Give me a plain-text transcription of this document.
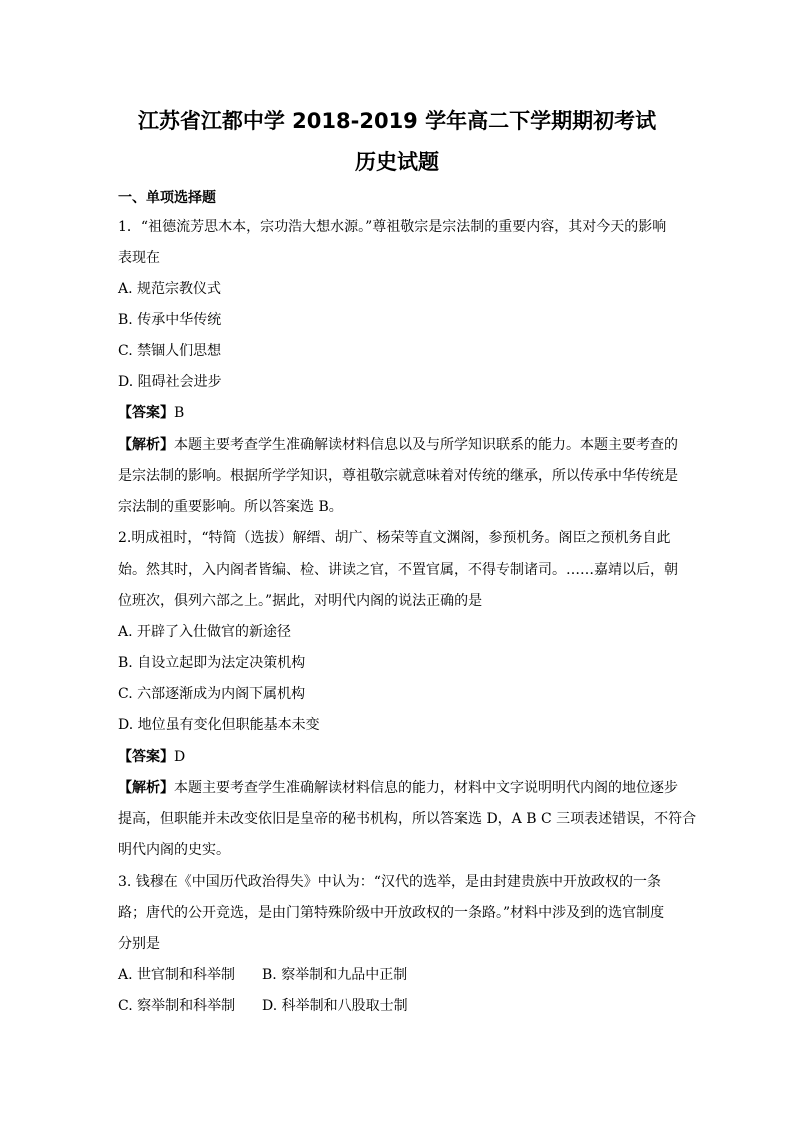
江苏省江都中学 2018-2019 学年高二下学期期初考试
历史试题
一、单项选择题
1．“祖德流芳思木本，宗功浩大想水源。”尊祖敬宗是宗法制的重要内容，其对今天的影响
表现在
A. 规范宗教仪式
B. 传承中华传统
C. 禁锢人们思想
D. 阻碍社会进步
【答案】B
【解析】本题主要考查学生准确解读材料信息以及与所学知识联系的能力。本题主要考查的
是宗法制的影响。根据所学学知识，尊祖敬宗就意味着对传统的继承，所以传承中华传统是
宗法制的重要影响。所以答案选 B。
2.明成祖时，“特简（选拔）解缙、胡广、杨荣等直文渊阁，参预机务。阁臣之预机务自此
始。然其时，入内阁者皆编、检、讲读之官，不置官属，不得专制诸司。……嘉靖以后，朝
位班次，俱列六部之上。”据此，对明代内阁的说法正确的是
A. 开辟了入仕做官的新途径
B. 自设立起即为法定决策机构
C. 六部逐渐成为内阁下属机构
D. 地位虽有变化但职能基本未变
【答案】D
【解析】本题主要考查学生准确解读材料信息的能力，材料中文字说明明代内阁的地位逐步
提高，但职能并未改变依旧是皇帝的秘书机构，所以答案选 D，A B C 三项表述错误，不符合
明代内阁的史实。
3. 钱穆在《中国历代政治得失》中认为：“汉代的选举，是由封建贵族中开放政权的一条
路；唐代的公开竞选，是由门第特殊阶级中开放政权的一条路。”材料中涉及到的选官制度
分别是
A. 世官制和科举制 B. 察举制和九品中正制
C. 察举制和科举制 D. 科举制和八股取士制
